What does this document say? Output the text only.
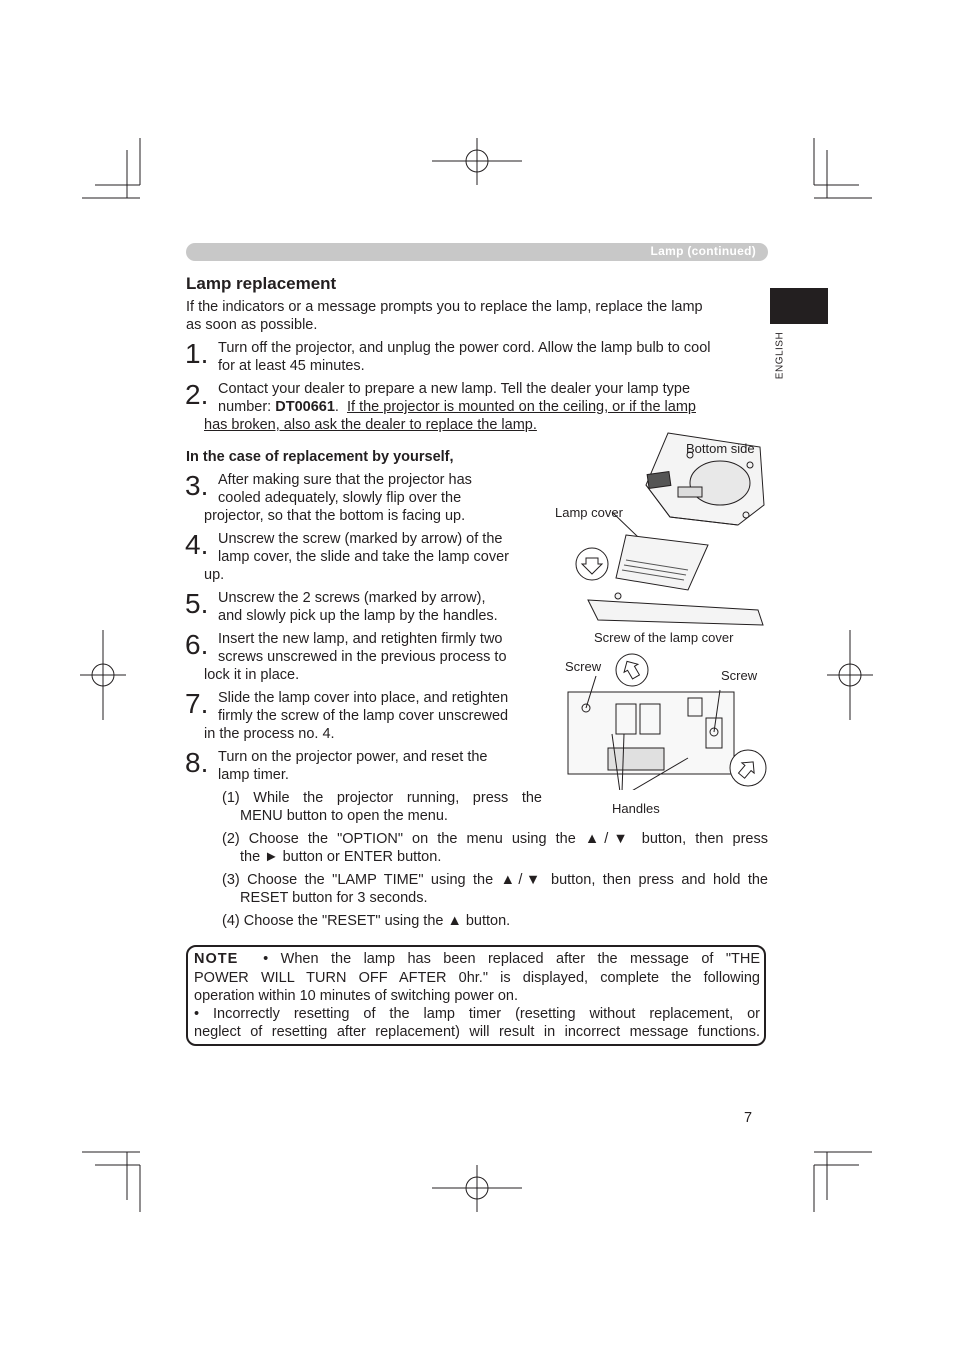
Lamp (continued)
ENGLISH
Lamp replacement
If the indicators or a message prompts you to replace the lamp, replace the lamp
as soon as possible.
1. Turn off the projector, and unplug the power cord. Allow the lamp bulb to cool
for at least 45 minutes.
2. Contact your dealer to prepare a new lamp. Tell the dealer your lamp type
number: DT00661. If the projector is mounted on the ceiling, or if the lamp
has broken, also ask the dealer to replace the lamp.
In the case of replacement by yourself,
3. After making sure that the projector has
cooled adequately, slowly flip over the
projector, so that the bottom is facing up.
4. Unscrew the screw (marked by arrow) of the
lamp cover, the slide and take the lamp cover
up.
5. Unscrew the 2 screws (marked by arrow),
and slowly pick up the lamp by the handles.
6. Insert the new lamp, and retighten firmly two
screws unscrewed in the previous process to
lock it in place.
7. Slide the lamp cover into place, and retighten
firmly the screw of the lamp cover unscrewed
in the process no. 4.
8. Turn on the projector power, and reset the
lamp timer.
(1) While the projector running, press the
MENU button to open the menu.
(2) Choose the "OPTION" on the menu using the ▲/▼ button, then press
the ► button or ENTER button.
(3) Choose the "LAMP TIME" using the ▲/▼ button, then press and hold the
RESET button for 3 seconds.
(4) Choose the "RESET" using the ▲ button.
Bottom side
Lamp cover
Screw of the lamp cover
Screw
Screw
Handles
NOTE • When the lamp has been replaced after the message of "THE
POWER WILL TURN OFF AFTER 0hr." is displayed, complete the following
operation within 10 minutes of switching power on.
• Incorrectly resetting of the lamp timer (resetting without replacement, or
neglect of resetting after replacement) will result in incorrect message functions.
7
